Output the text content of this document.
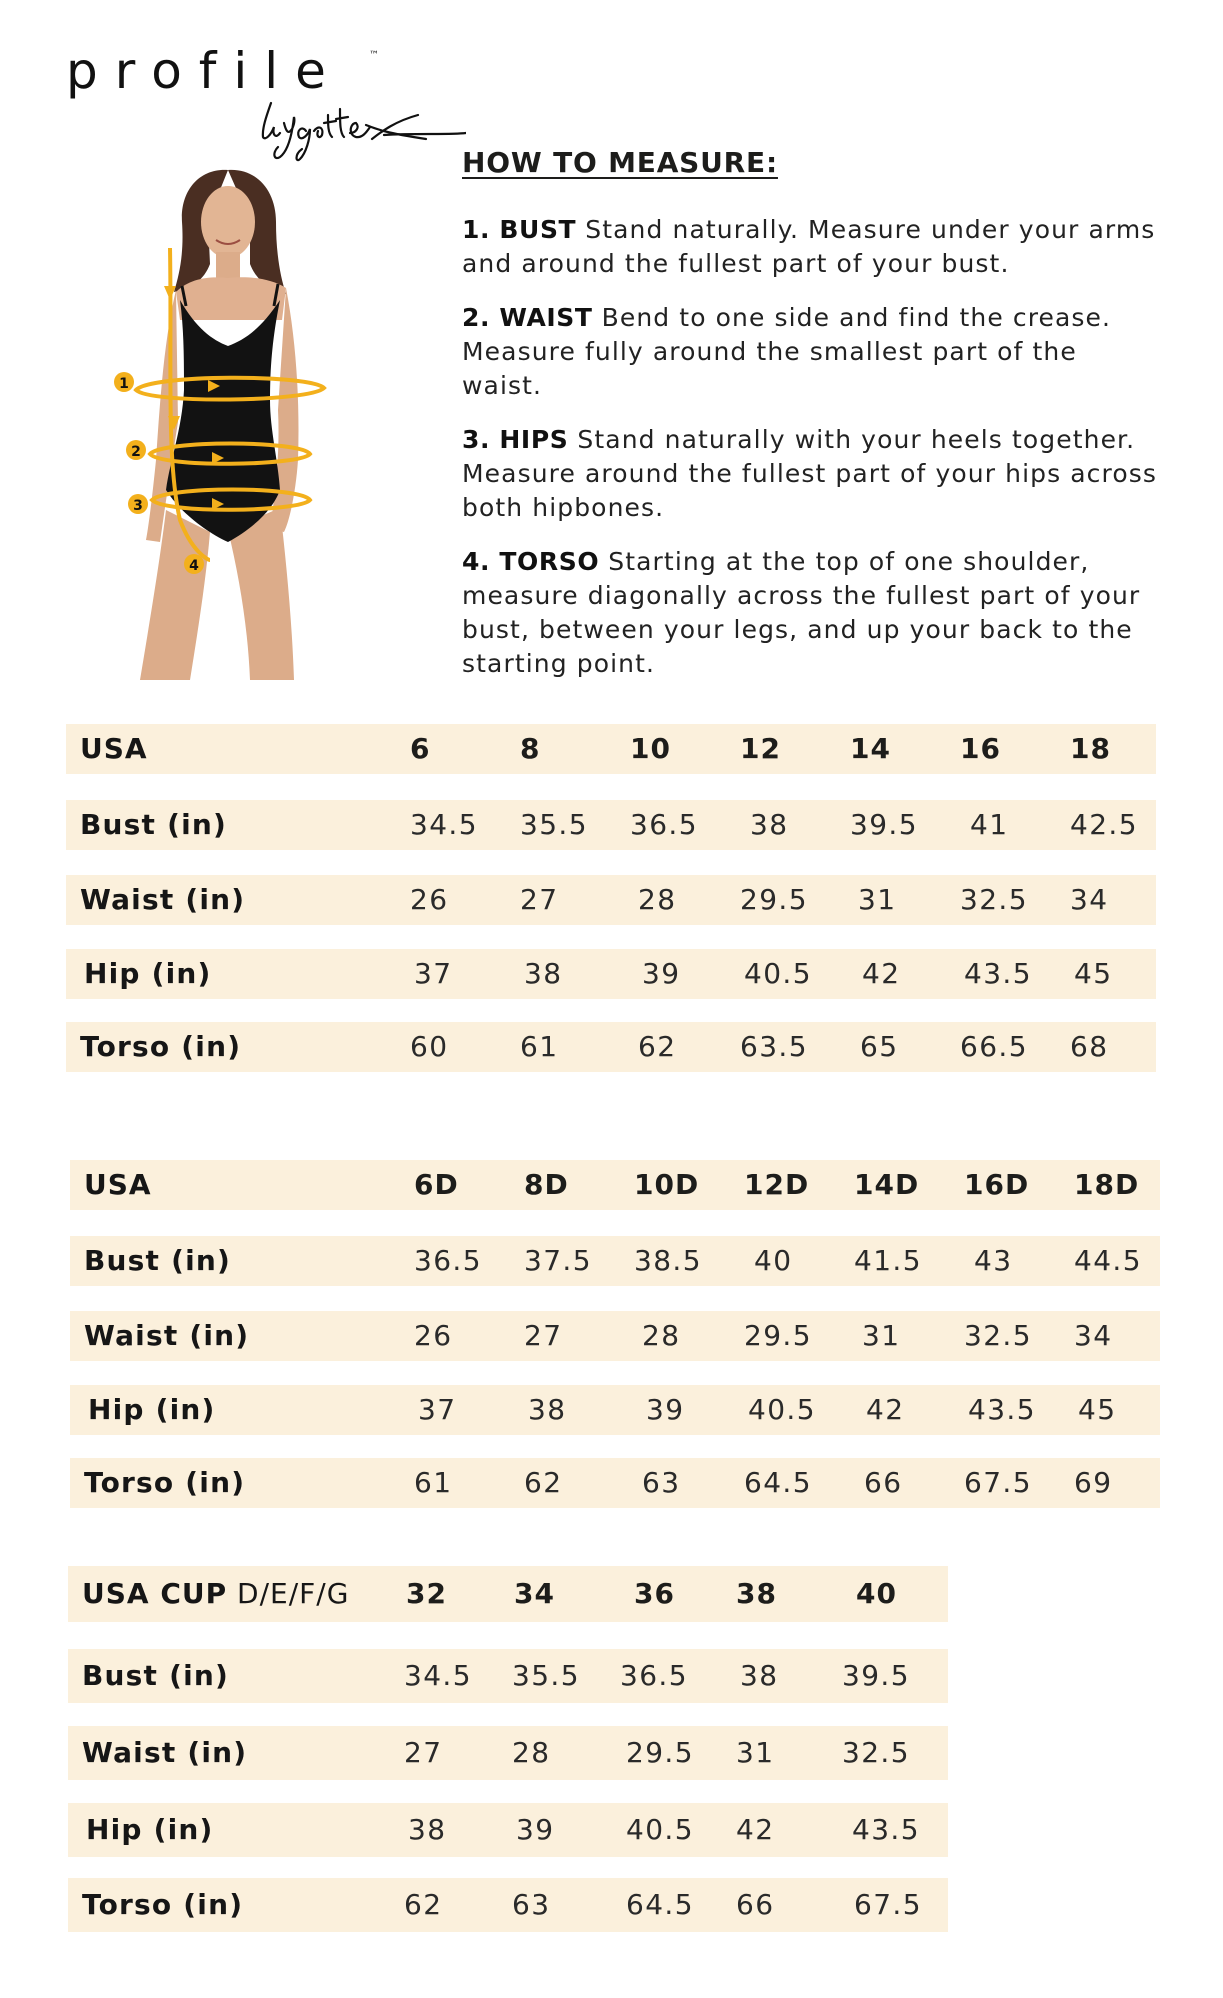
profile	™
1
2
3
4
HOW TO MEASURE:
1. BUST Stand naturally. Measure under your arms and around the fullest part of your bust.
2. WAIST Bend to one side and find the crease. Measure fully around the smallest part of the waist.
3. HIPS Stand naturally with your heels together. Measure around the fullest part of your hips across both hipbones.
4. TORSO Starting at the top of one shoulder, measure diagonally across the fullest part of your bust, between your legs, and up your back to the starting point.
USA	6	8	10 12 14 16 18
Bust (in)	34.5 35.5 36.5 38 39.5 41 42.5
Waist (in)	26	27	28 29.5 31 32.5 34
Hip (in)	37	38	39 40.5 42 43.5 45
Torso (in)	60	61	62 63.5 65 66.5 68
USA	6D 8D 10D 12D 14D 16D 18D
Bust (in)	36.5 37.5 38.5 40 41.5 43 44.5
Waist (in)	26	27	28 29.5 31 32.5 34
Hip (in)	37	38	39 40.5 42 43.5 45
Torso (in)	61	62	63 64.5 66 67.5 69
USA CUP D/E/F/G 32 34	36 38	40
Bust (in)	34.5 35.5 36.5 38 39.5
Waist (in)	27 28	29.5 31 32.5
Hip (in)	38 39	40.5 42	43.5
Torso (in)	62 63	64.5 66	67.5
